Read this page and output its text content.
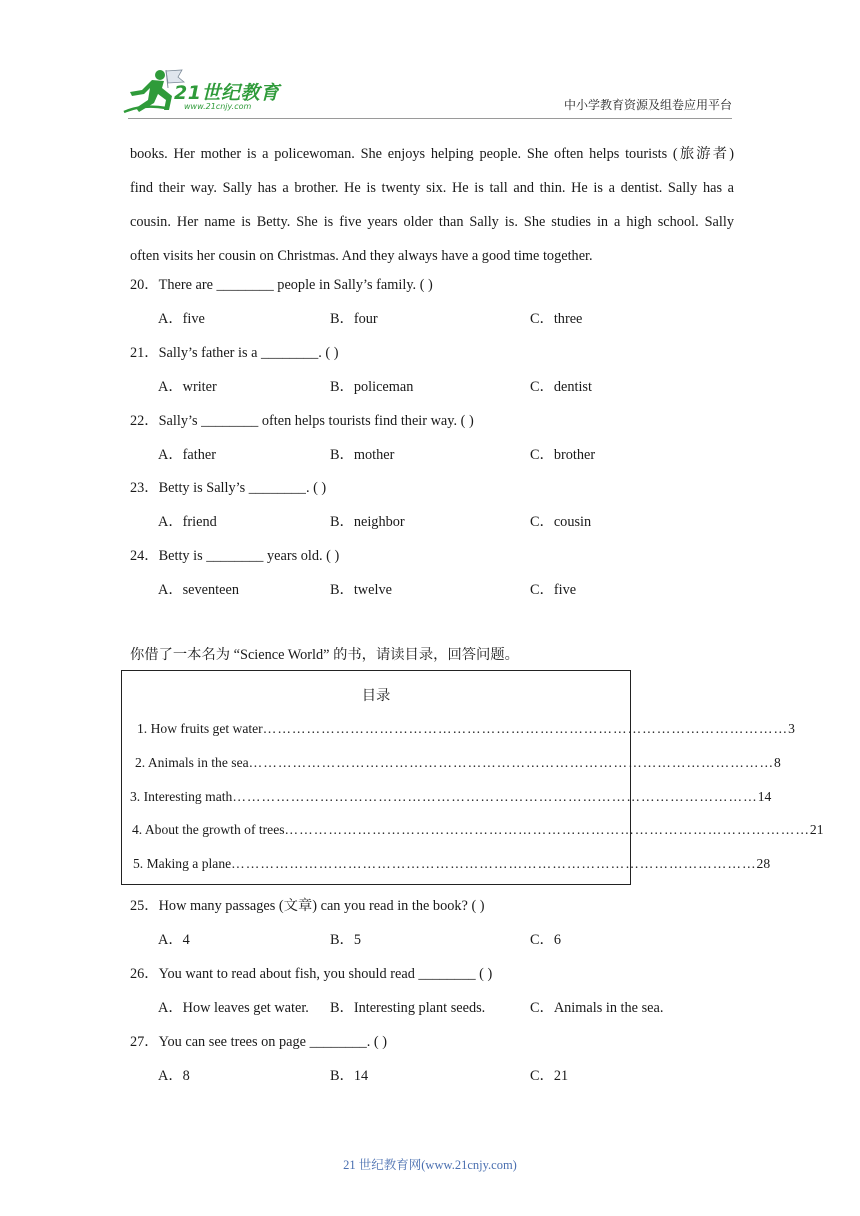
21世纪教育
www.21cnjy.com	中小学教育资源及组卷应用平台
books. Her mother is a policewoman. She enjoys helping people. She often helps tourists (旅游者)
find their way. Sally has a brother. He is twenty six. He is tall and thin. He is a dentist. Sally has a
cousin. Her name is Betty. She is five years older than Sally is. She studies in a high school. Sally
often visits her cousin on Christmas. And they always have a good time together.
20．There are ________ people in Sally’s family. ( )
A．five	B．four	C．three
21．Sally’s father is a ________. ( )
A．writer	B．policeman	C．dentist
22．Sally’s ________ often helps tourists find their way. ( )
A．father	B．mother	C．brother
23．Betty is Sally’s ________. ( )
A．friend	B．neighbor	C．cousin
24．Betty is ________ years old. ( )
A．seventeen	B．twelve	C．five
你借了一本名为 “Science World” 的书，请读目录，回答问题。
目录
1. How fruits get water ……………………………………………………………………………………………… 3
2. Animals in the sea ……………………………………………………………………………………………… 8
3. Interesting math ……………………………………………………………………………………………… 14
4. About the growth of trees ……………………………………………………………………………………………… 21
5. Making a plane ……………………………………………………………………………………………… 28
25．How many passages (文章) can you read in the book? ( )
A．4	B．5	C．6
26．You want to read about fish, you should read ________ ( )
A．How leaves get water. B．Interesting plant seeds.	C．Animals in the sea.
27．You can see trees on page ________. ( )
A．8	B．14	C．21
21 世纪教育网(www.21cnjy.com)
